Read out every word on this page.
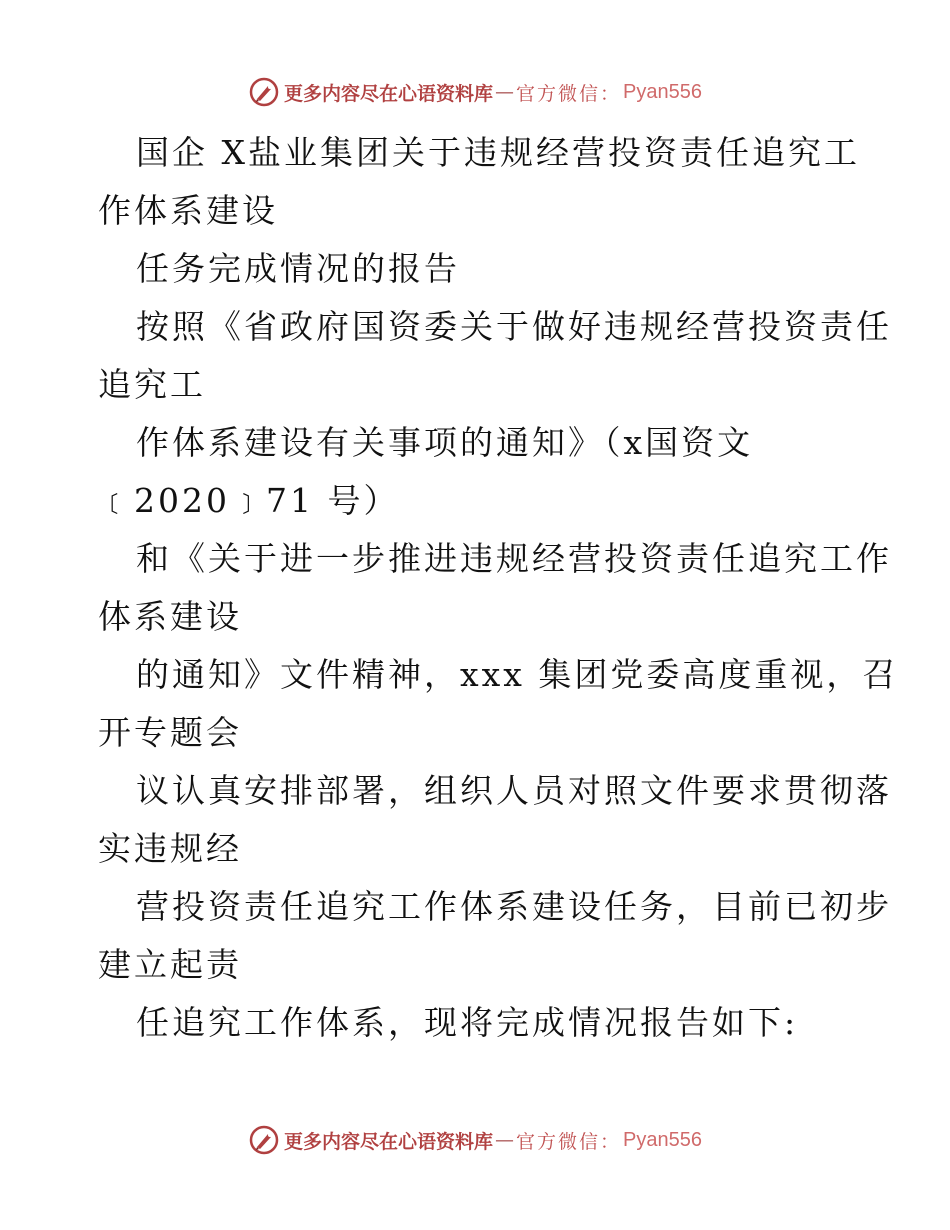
更多内容尽在心语资料库 — 官方微信： Pyan556
国企 X盐业集团关于违规经营投资责任追究工
作体系建设
任务完成情况的报告
按照《省政府国资委关于做好违规经营投资责任
追究工
作体系建设有关事项的通知》（x国资文
﹝2020﹞71 号）
和《关于进一步推进违规经营投资责任追究工作
体系建设
的通知》文件精神，xxx 集团党委高度重视，召
开专题会
议认真安排部署，组织人员对照文件要求贯彻落
实违规经
营投资责任追究工作体系建设任务，目前已初步
建立起责
任追究工作体系，现将完成情况报告如下:
更多内容尽在心语资料库 — 官方微信： Pyan556
